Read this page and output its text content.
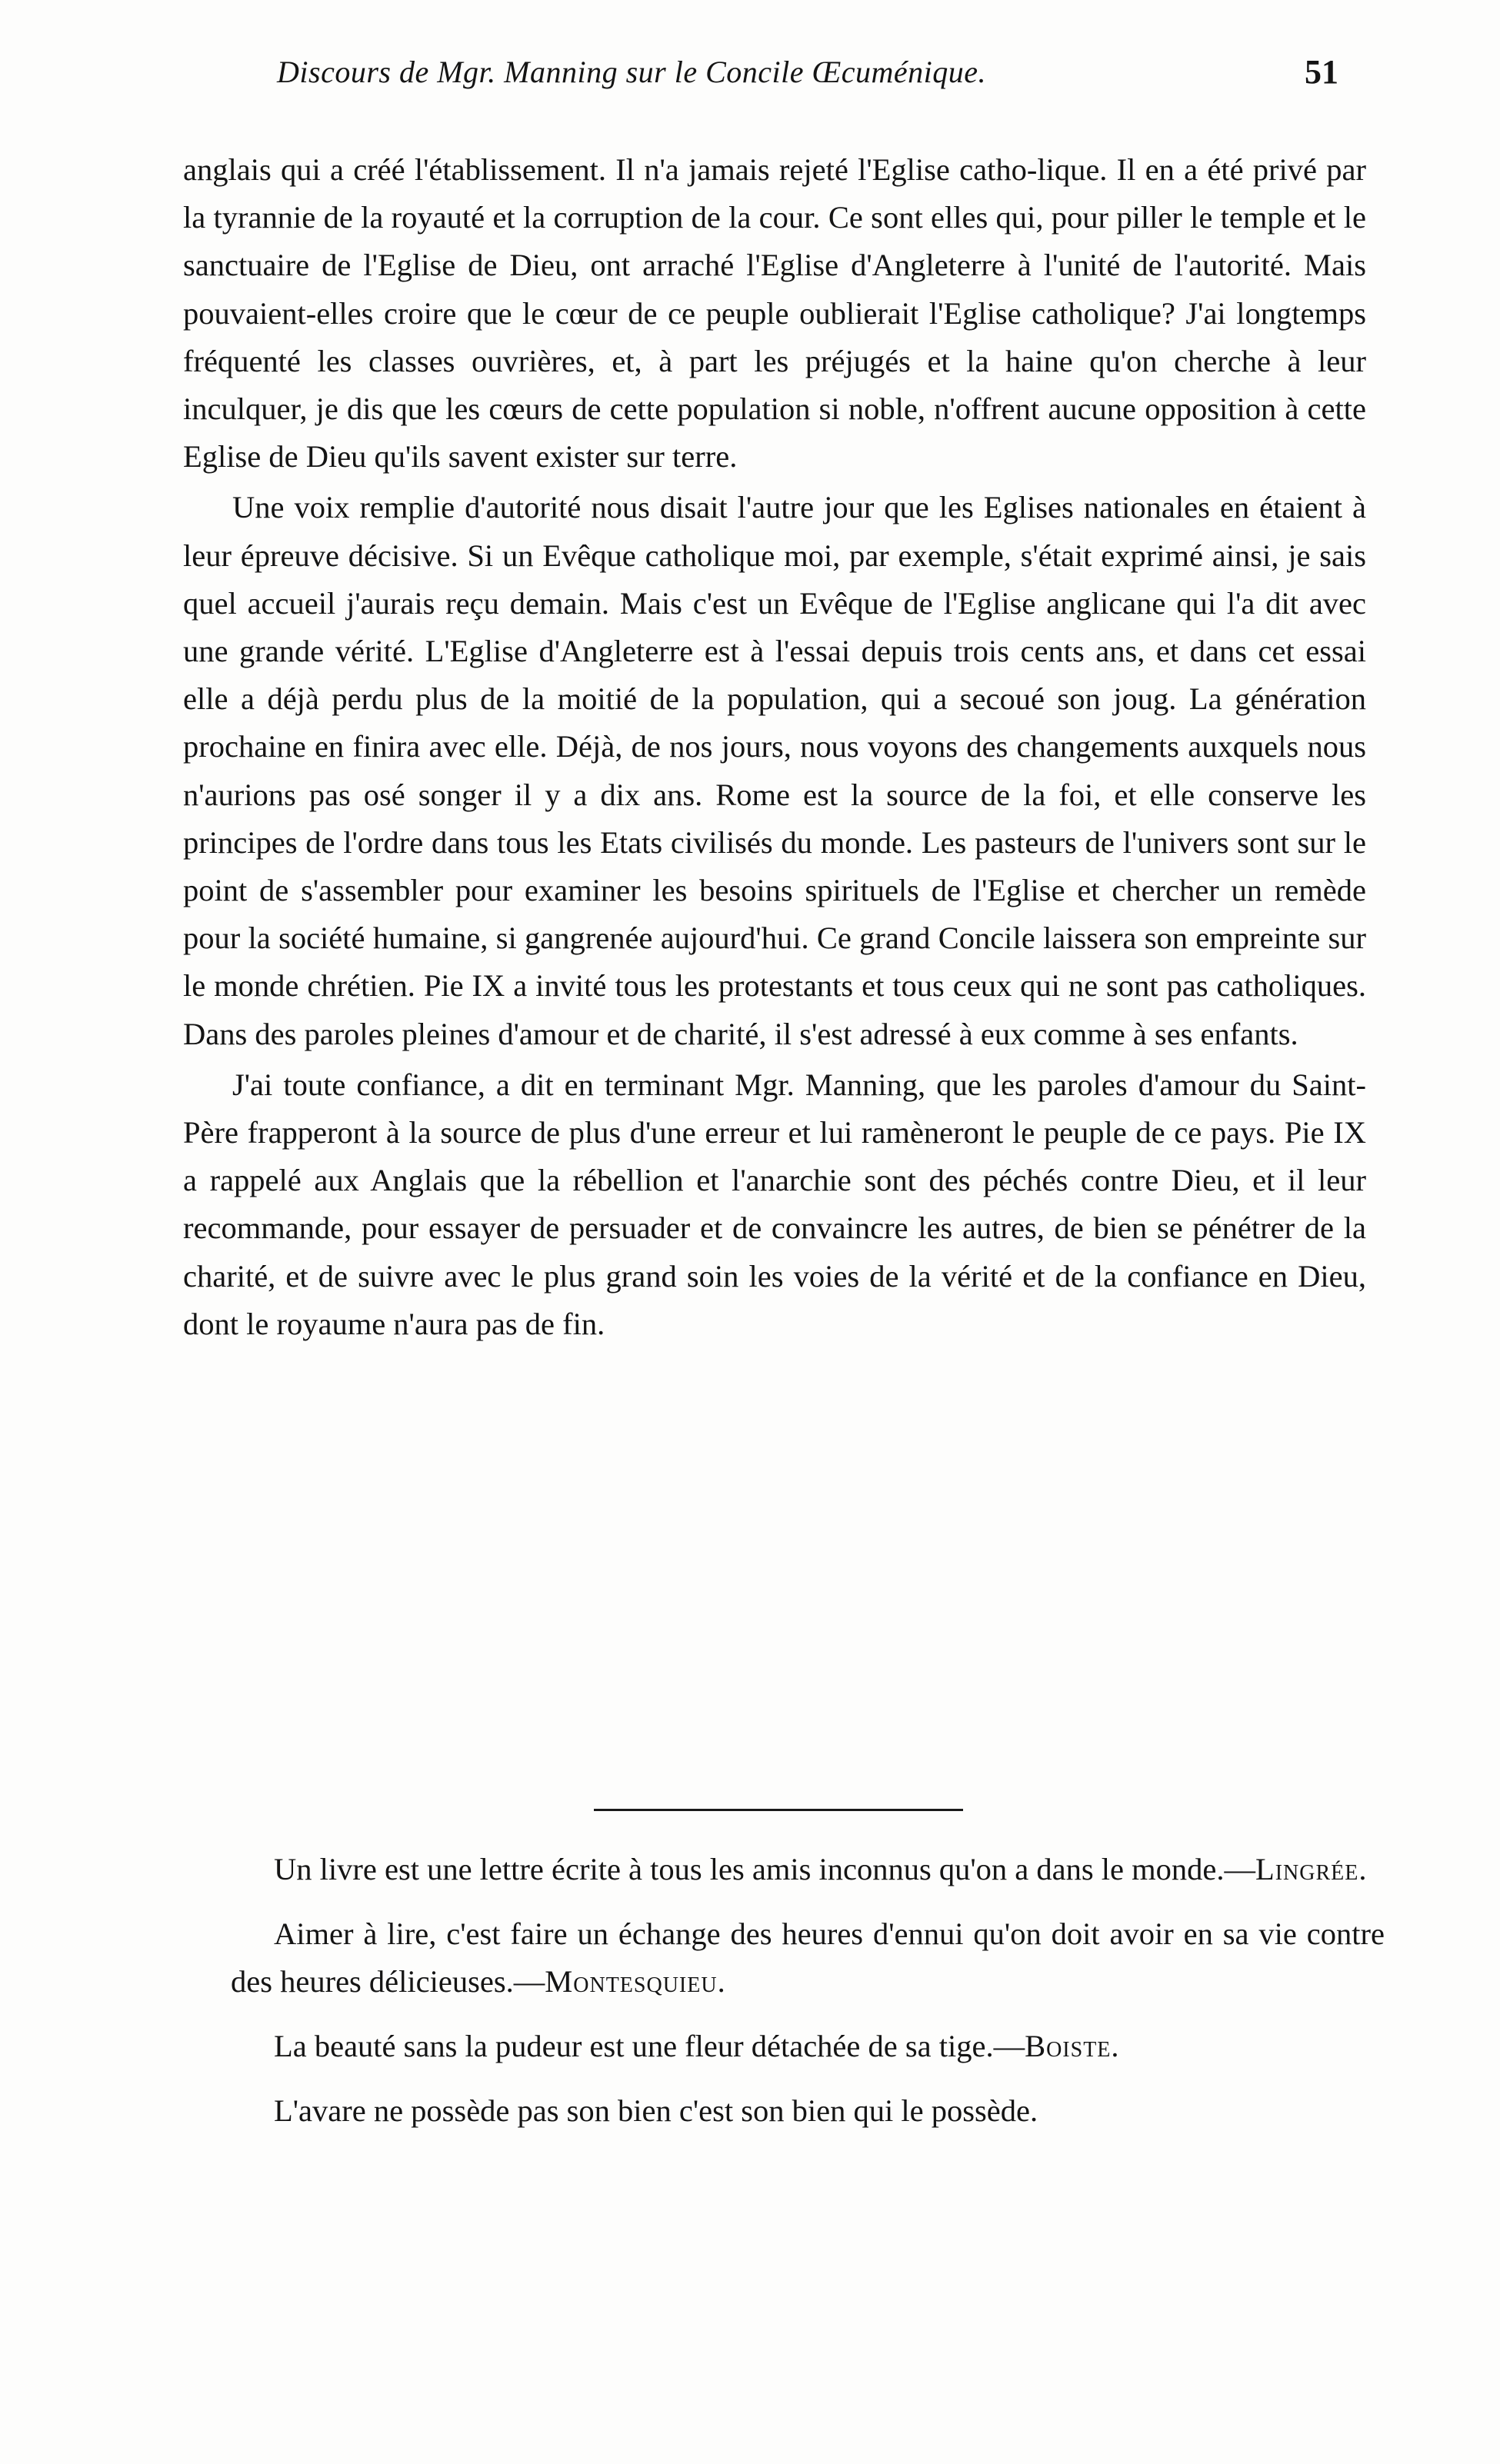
Discours de Mgr. Manning sur le Concile Œcuménique.	51

anglais qui a créé l'établissement. Il n'a jamais rejeté l'Eglise catho-lique. Il en a été privé par la tyrannie de la royauté et la corruption de la cour. Ce sont elles qui, pour piller le temple et le sanctuaire de l'Eglise de Dieu, ont arraché l'Eglise d'Angleterre à l'unité de l'autorité. Mais pouvaient-elles croire que le cœur de ce peuple oublierait l'Eglise catholique? J'ai longtemps fréquenté les classes ouvrières, et, à part les préjugés et la haine qu'on cherche à leur inculquer, je dis que les cœurs de cette population si noble, n'offrent aucune opposition à cette Eglise de Dieu qu'ils savent exister sur terre.

Une voix remplie d'autorité nous disait l'autre jour que les Eglises nationales en étaient à leur épreuve décisive. Si un Evêque catholique moi, par exemple, s'était exprimé ainsi, je sais quel accueil j'aurais reçu demain. Mais c'est un Evêque de l'Eglise anglicane qui l'a dit avec une grande vérité. L'Eglise d'Angleterre est à l'essai depuis trois cents ans, et dans cet essai elle a déjà perdu plus de la moitié de la population, qui a secoué son joug. La génération prochaine en finira avec elle. Déjà, de nos jours, nous voyons des changements auxquels nous n'aurions pas osé songer il y a dix ans. Rome est la source de la foi, et elle conserve les principes de l'ordre dans tous les Etats civilisés du monde. Les pasteurs de l'univers sont sur le point de s'assembler pour examiner les besoins spirituels de l'Eglise et chercher un remède pour la société humaine, si gangrenée aujourd'hui. Ce grand Concile laissera son empreinte sur le monde chrétien. Pie IX a invité tous les protestants et tous ceux qui ne sont pas catholiques. Dans des paroles pleines d'amour et de charité, il s'est adressé à eux comme à ses enfants.

J'ai toute confiance, a dit en terminant Mgr. Manning, que les paroles d'amour du Saint-Père frapperont à la source de plus d'une erreur et lui ramèneront le peuple de ce pays. Pie IX a rappelé aux Anglais que la rébellion et l'anarchie sont des péchés contre Dieu, et il leur recommande, pour essayer de persuader et de convaincre les autres, de bien se pénétrer de la charité, et de suivre avec le plus grand soin les voies de la vérité et de la confiance en Dieu, dont le royaume n'aura pas de fin.

Un livre est une lettre écrite à tous les amis inconnus qu'on a dans le monde.—Lingrée.

Aimer à lire, c'est faire un échange des heures d'ennui qu'on doit avoir en sa vie contre des heures délicieuses.—Montesquieu.

La beauté sans la pudeur est une fleur détachée de sa tige.—Boiste.

L'avare ne possède pas son bien c'est son bien qui le possède.
